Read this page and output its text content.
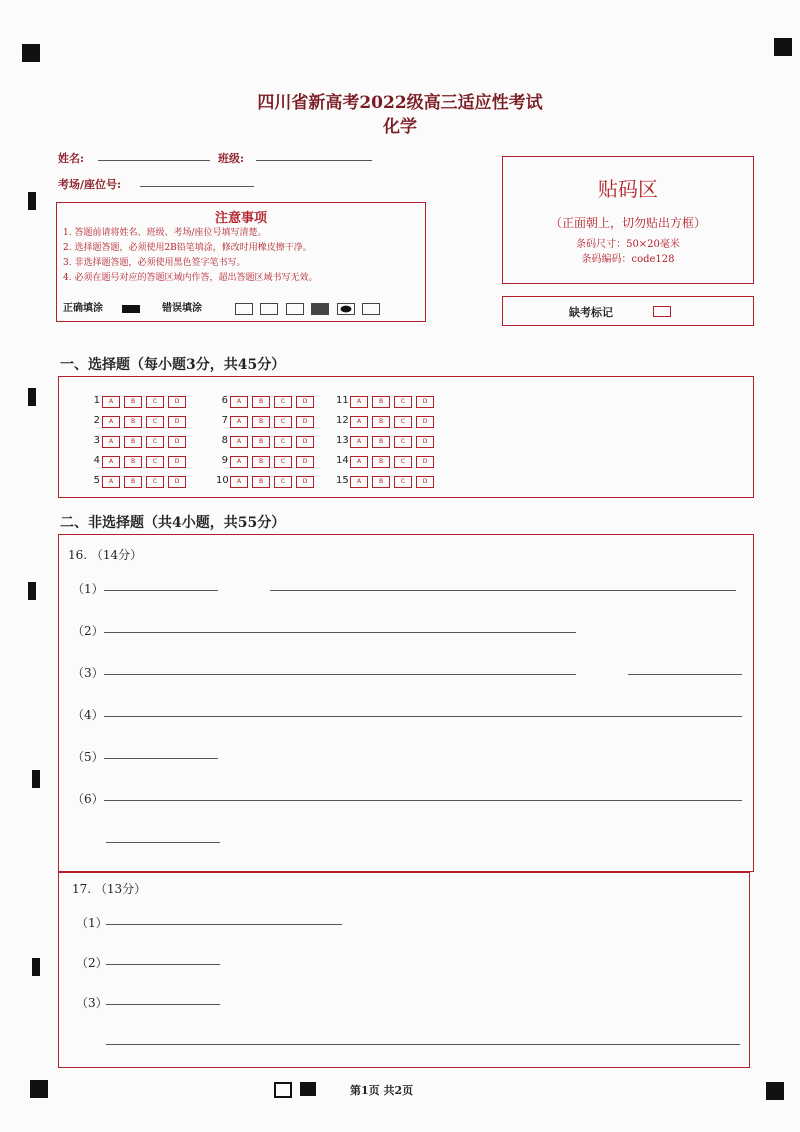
四川省新高考2022级高三适应性考试
化学
姓名:	班级:
考场/座位号:
注意事项
1. 答题前请将姓名、班级、考场/座位号填写清楚。
2. 选择题答题，必须使用2B铅笔填涂，修改时用橡皮擦干净。
3. 非选择题答题，必须使用黑色签字笔书写。
4. 必须在题号对应的答题区域内作答，超出答题区域书写无效。
正确填涂	错误填涂
贴码区
（正面朝上，切勿贴出方框）
条码尺寸：50×20毫米
条码编码：code128
缺考标记
一、选择题（每小题3分，共45分）
1 A	B	C	D
2 A	B	C	D
3 A	B	C	D
4 A	B	C	D
5 A	B	C	D
6 A	B	C	D
7 A	B	C	D
8 A	B	C	D
9 A	B	C	D
10 A	B	C	D
11 A	B	C	D
12 A	B	C	D
13 A	B	C	D
14 A	B	C	D
15 A	B	C	D
二、非选择题（共4小题，共55分）
16. （14分）
（1）
（2）
（3）
（4）
（5）
（6）
17. （13分）
（1）
（2）
（3）
第1页 共2页
